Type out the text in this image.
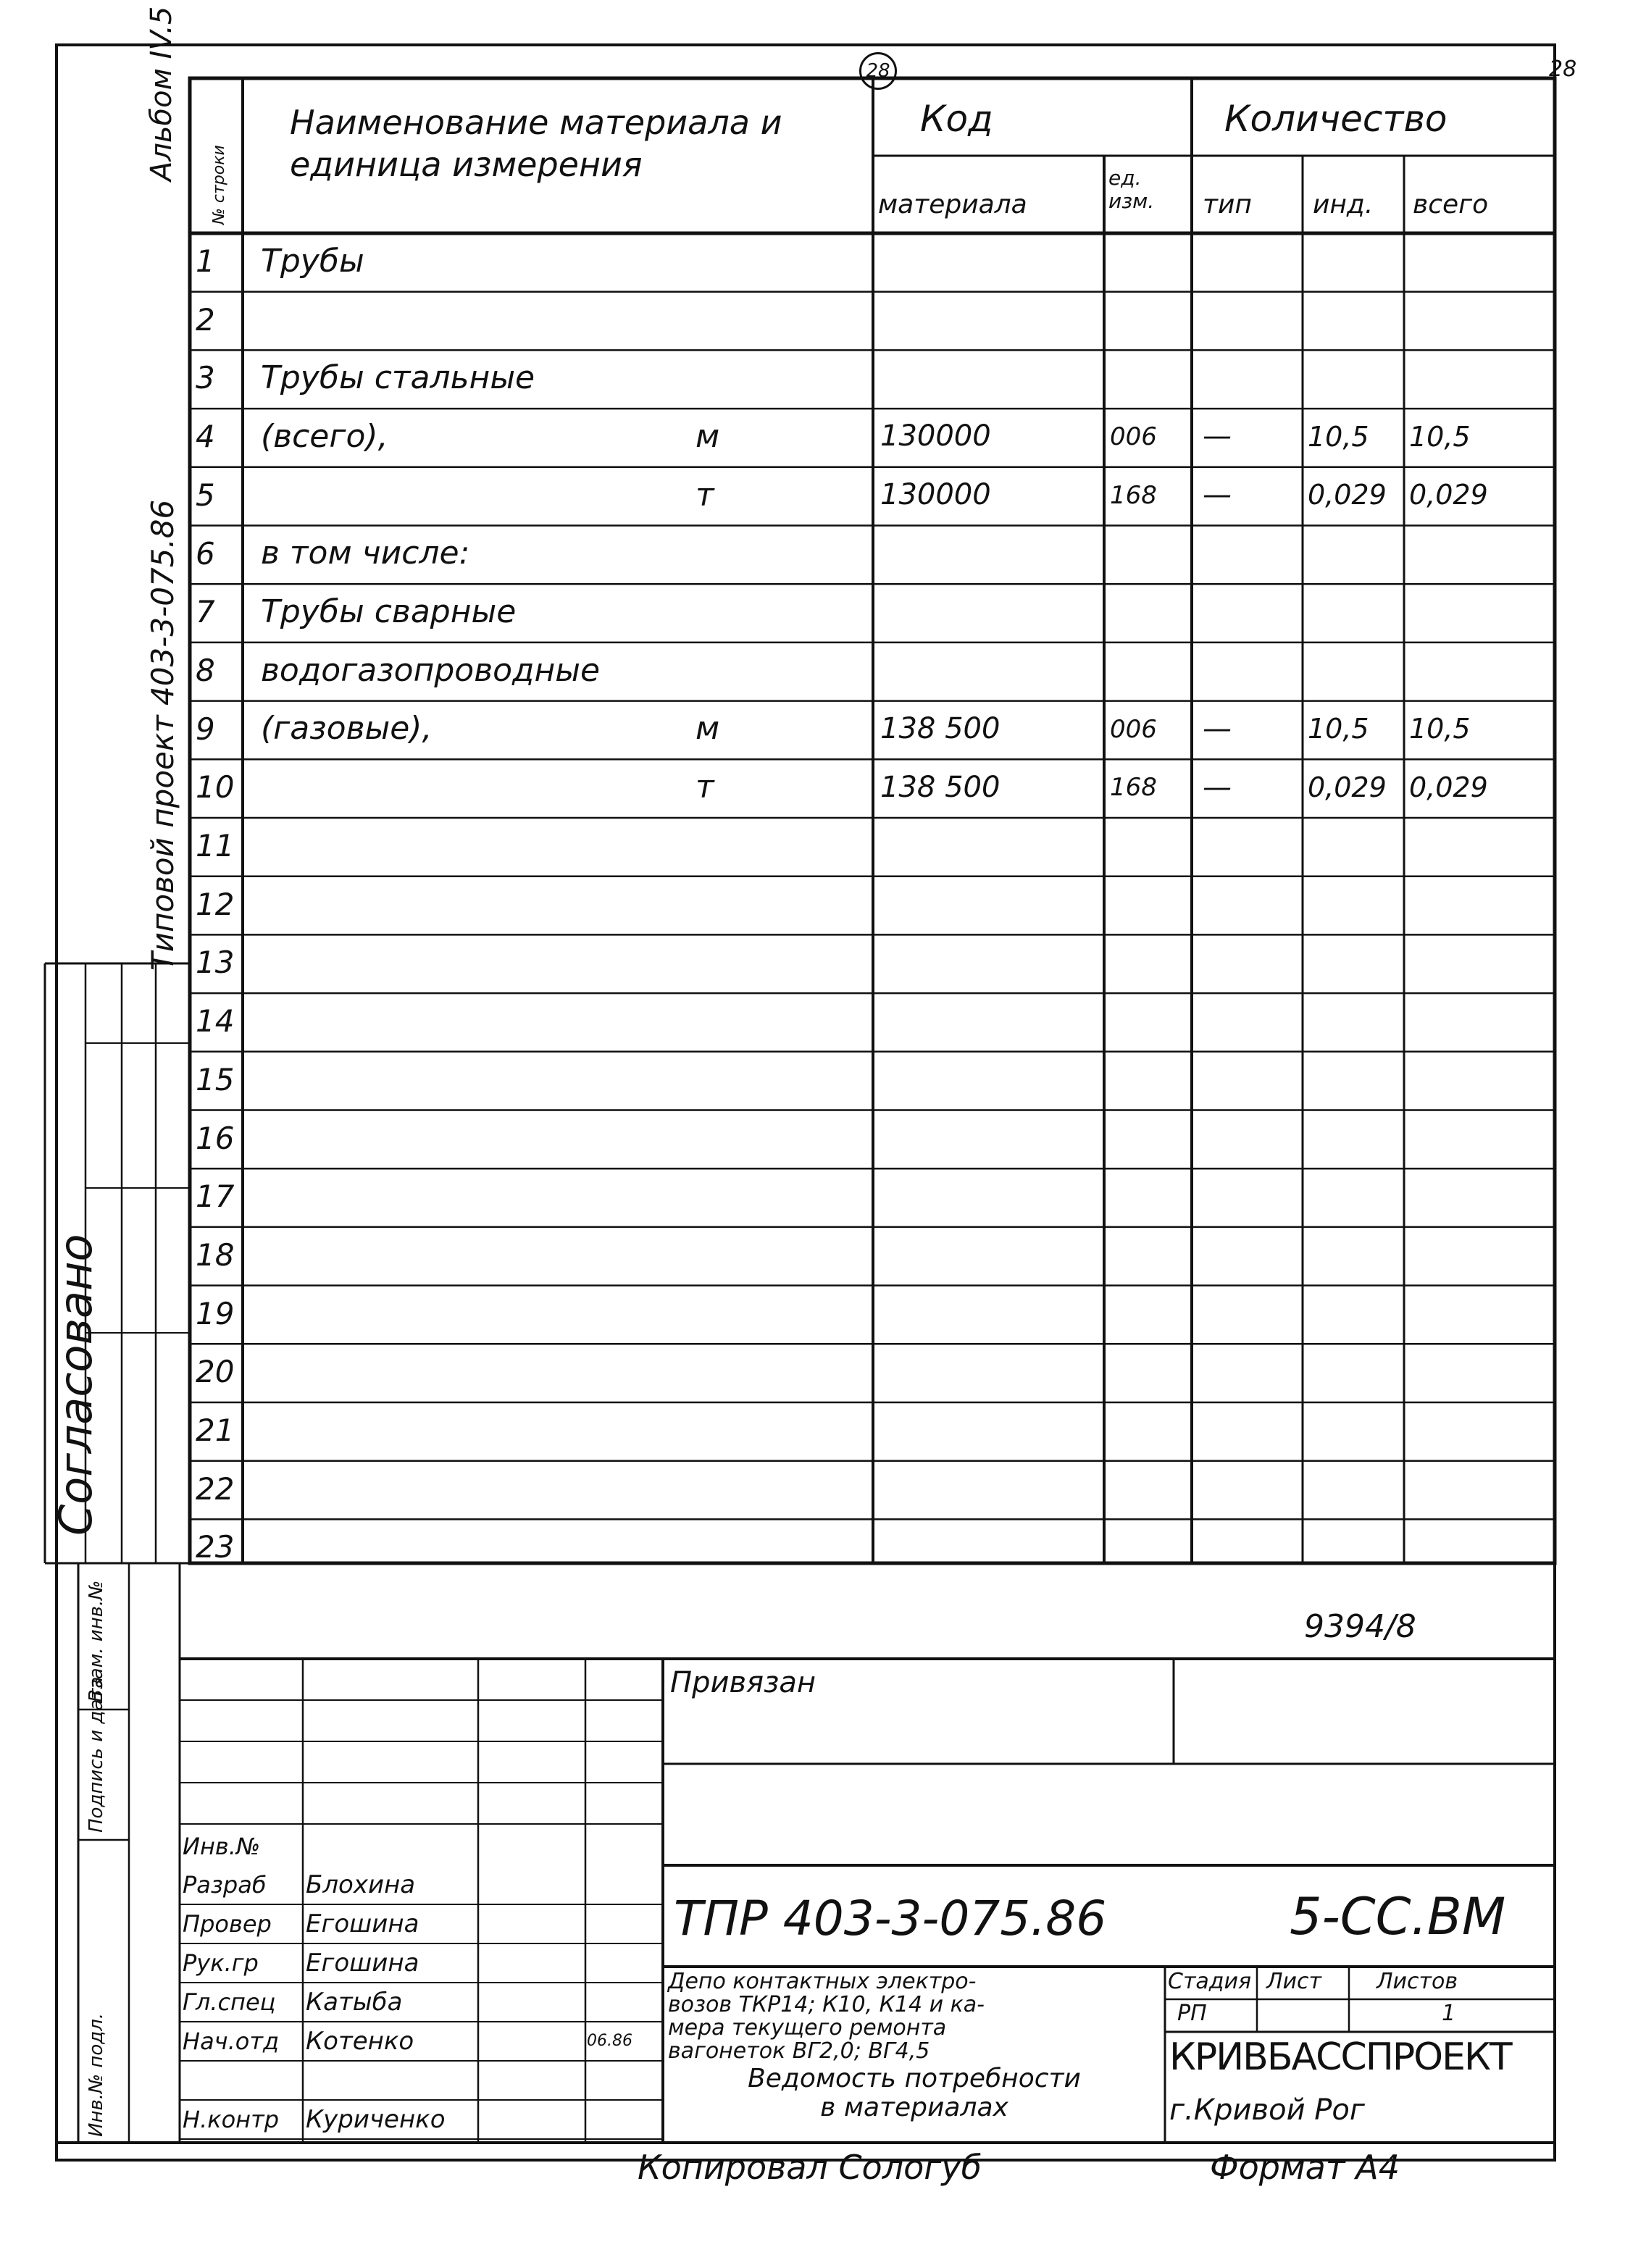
28	28
Альбом IV.5
Типовой проект 403-3-075.86
Согласовано
№ строки
Наименование материала и единица измерения
Код	Количество
материала
ед. изм.	тип инд. всего
1 Трубы
2
3 Трубы стальные
4 (всего),	м	130000	006 —	10,5 10,5
5	т	130000	168 —	0,029 0,029
6 в том числе:
7 Трубы сварные
8 водогазопроводные
9 (газовые),	м	138 500	006 —	10,5 10,5
10	т	138 500	168 —	0,029 0,029
11
12
13
14
15
16
17
18
19
20
21
22
23
Инв.№ подл.
Подпись и дата
Взам. инв.№	9394/8
Привязан
Инв.№
Разраб Блохина
Провер Егошина
Рук.гр Егошина
Гл.спец Катыба
Нач.отд Котенко	06.86
Н.контр Куриченко
ТПР 403-3-075.86	5-СС.ВМ
Депо контактных электро-
возов ТКР14; К10, К14 и ка-
мера текущего ремонта
вагонеток ВГ2,0; ВГ4,5
Ведомость потребности
в материалах
Стадия Лист	Листов
РП	1
КРИВБАССПРОЕКТ
г.Кривой Рог
Копировал Сологуб	Формат А4
